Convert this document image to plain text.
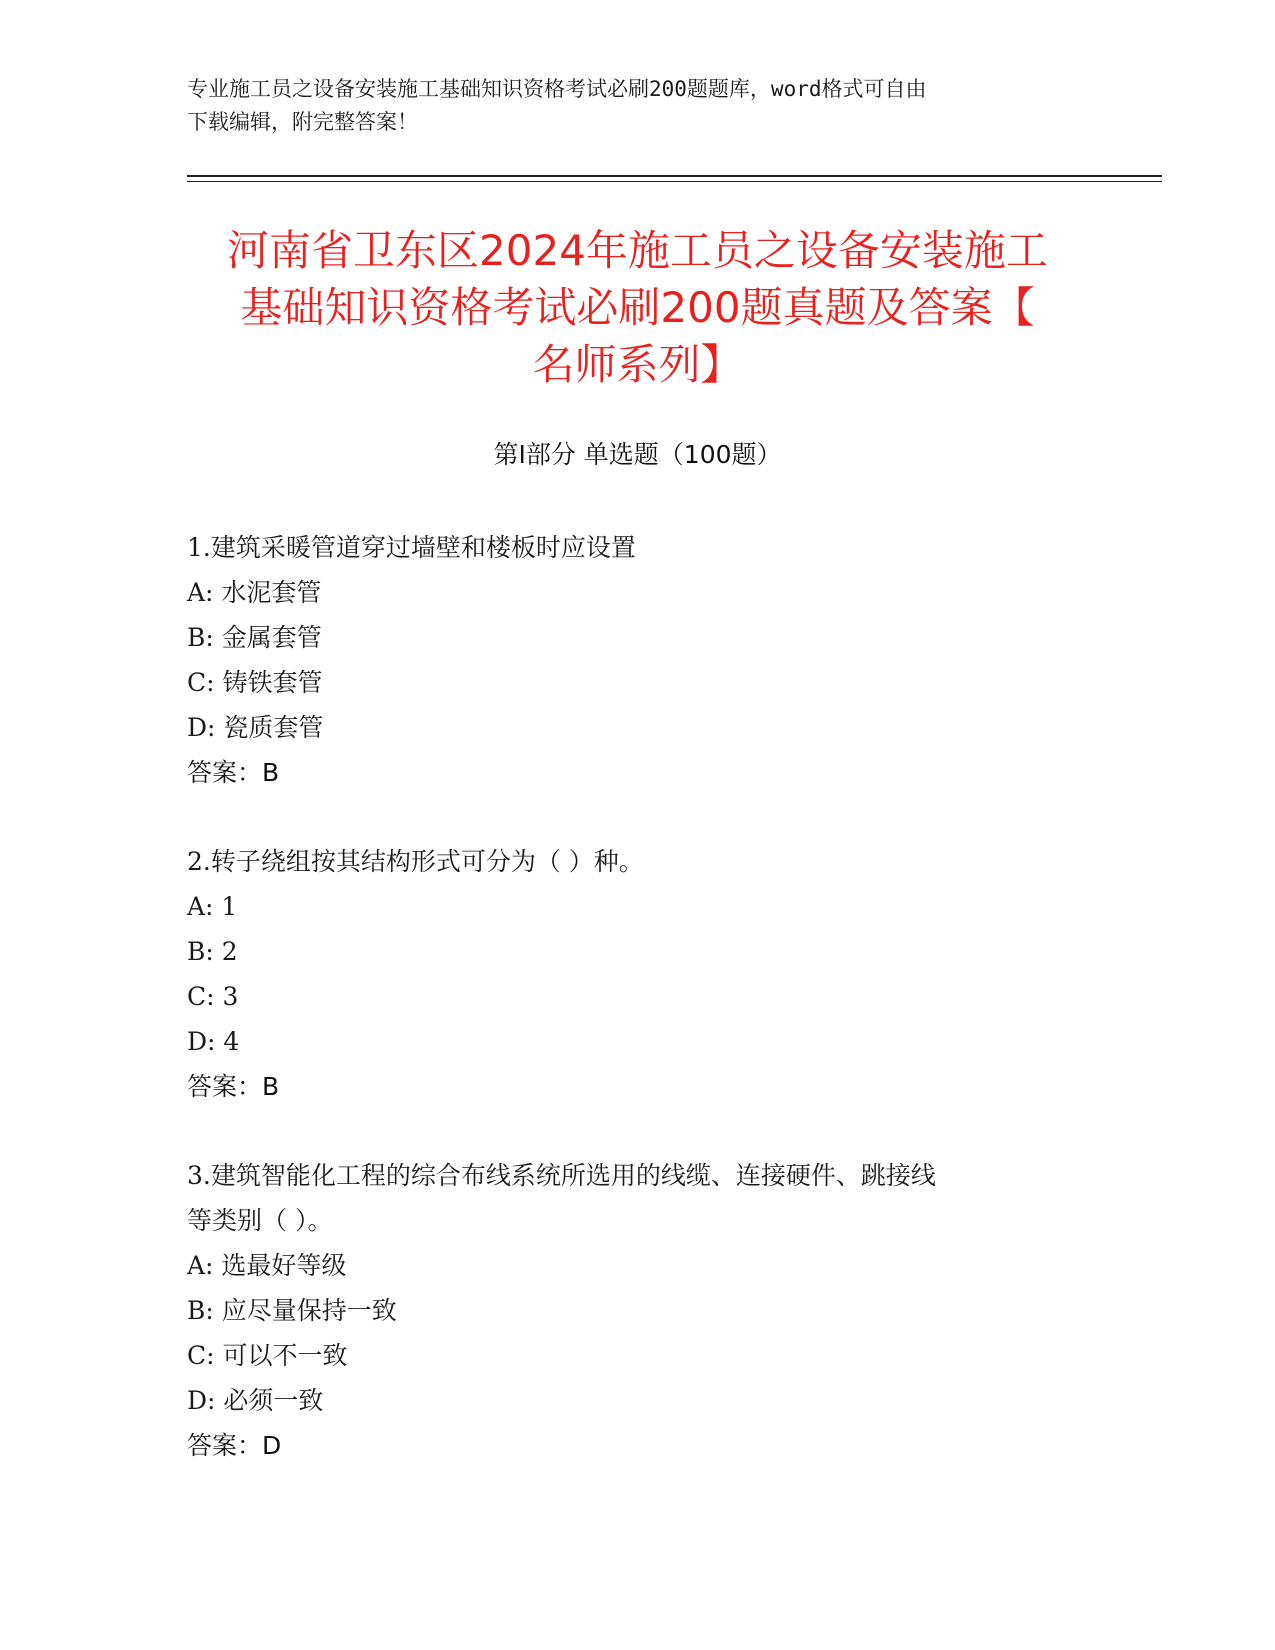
专业施工员之设备安装施工基础知识资格考试必刷200题题库，word格式可自由
下载编辑，附完整答案！
河南省卫东区2024年施工员之设备安装施工
基础知识资格考试必刷200题真题及答案【
名师系列】
第Ⅰ部分 单选题（100题）
1.建筑采暖管道穿过墙壁和楼板时应设置
A: 水泥套管
B: 金属套管
C: 铸铁套管
D: 瓷质套管
答案：B
2.转子绕组按其结构形式可分为（ ）种。
A: 1
B: 2
C: 3
D: 4
答案：B
3.建筑智能化工程的综合布线系统所选用的线缆、连接硬件、跳接线
等类别（ ）。
A: 选最好等级
B: 应尽量保持一致
C: 可以不一致
D: 必须一致
答案：D
